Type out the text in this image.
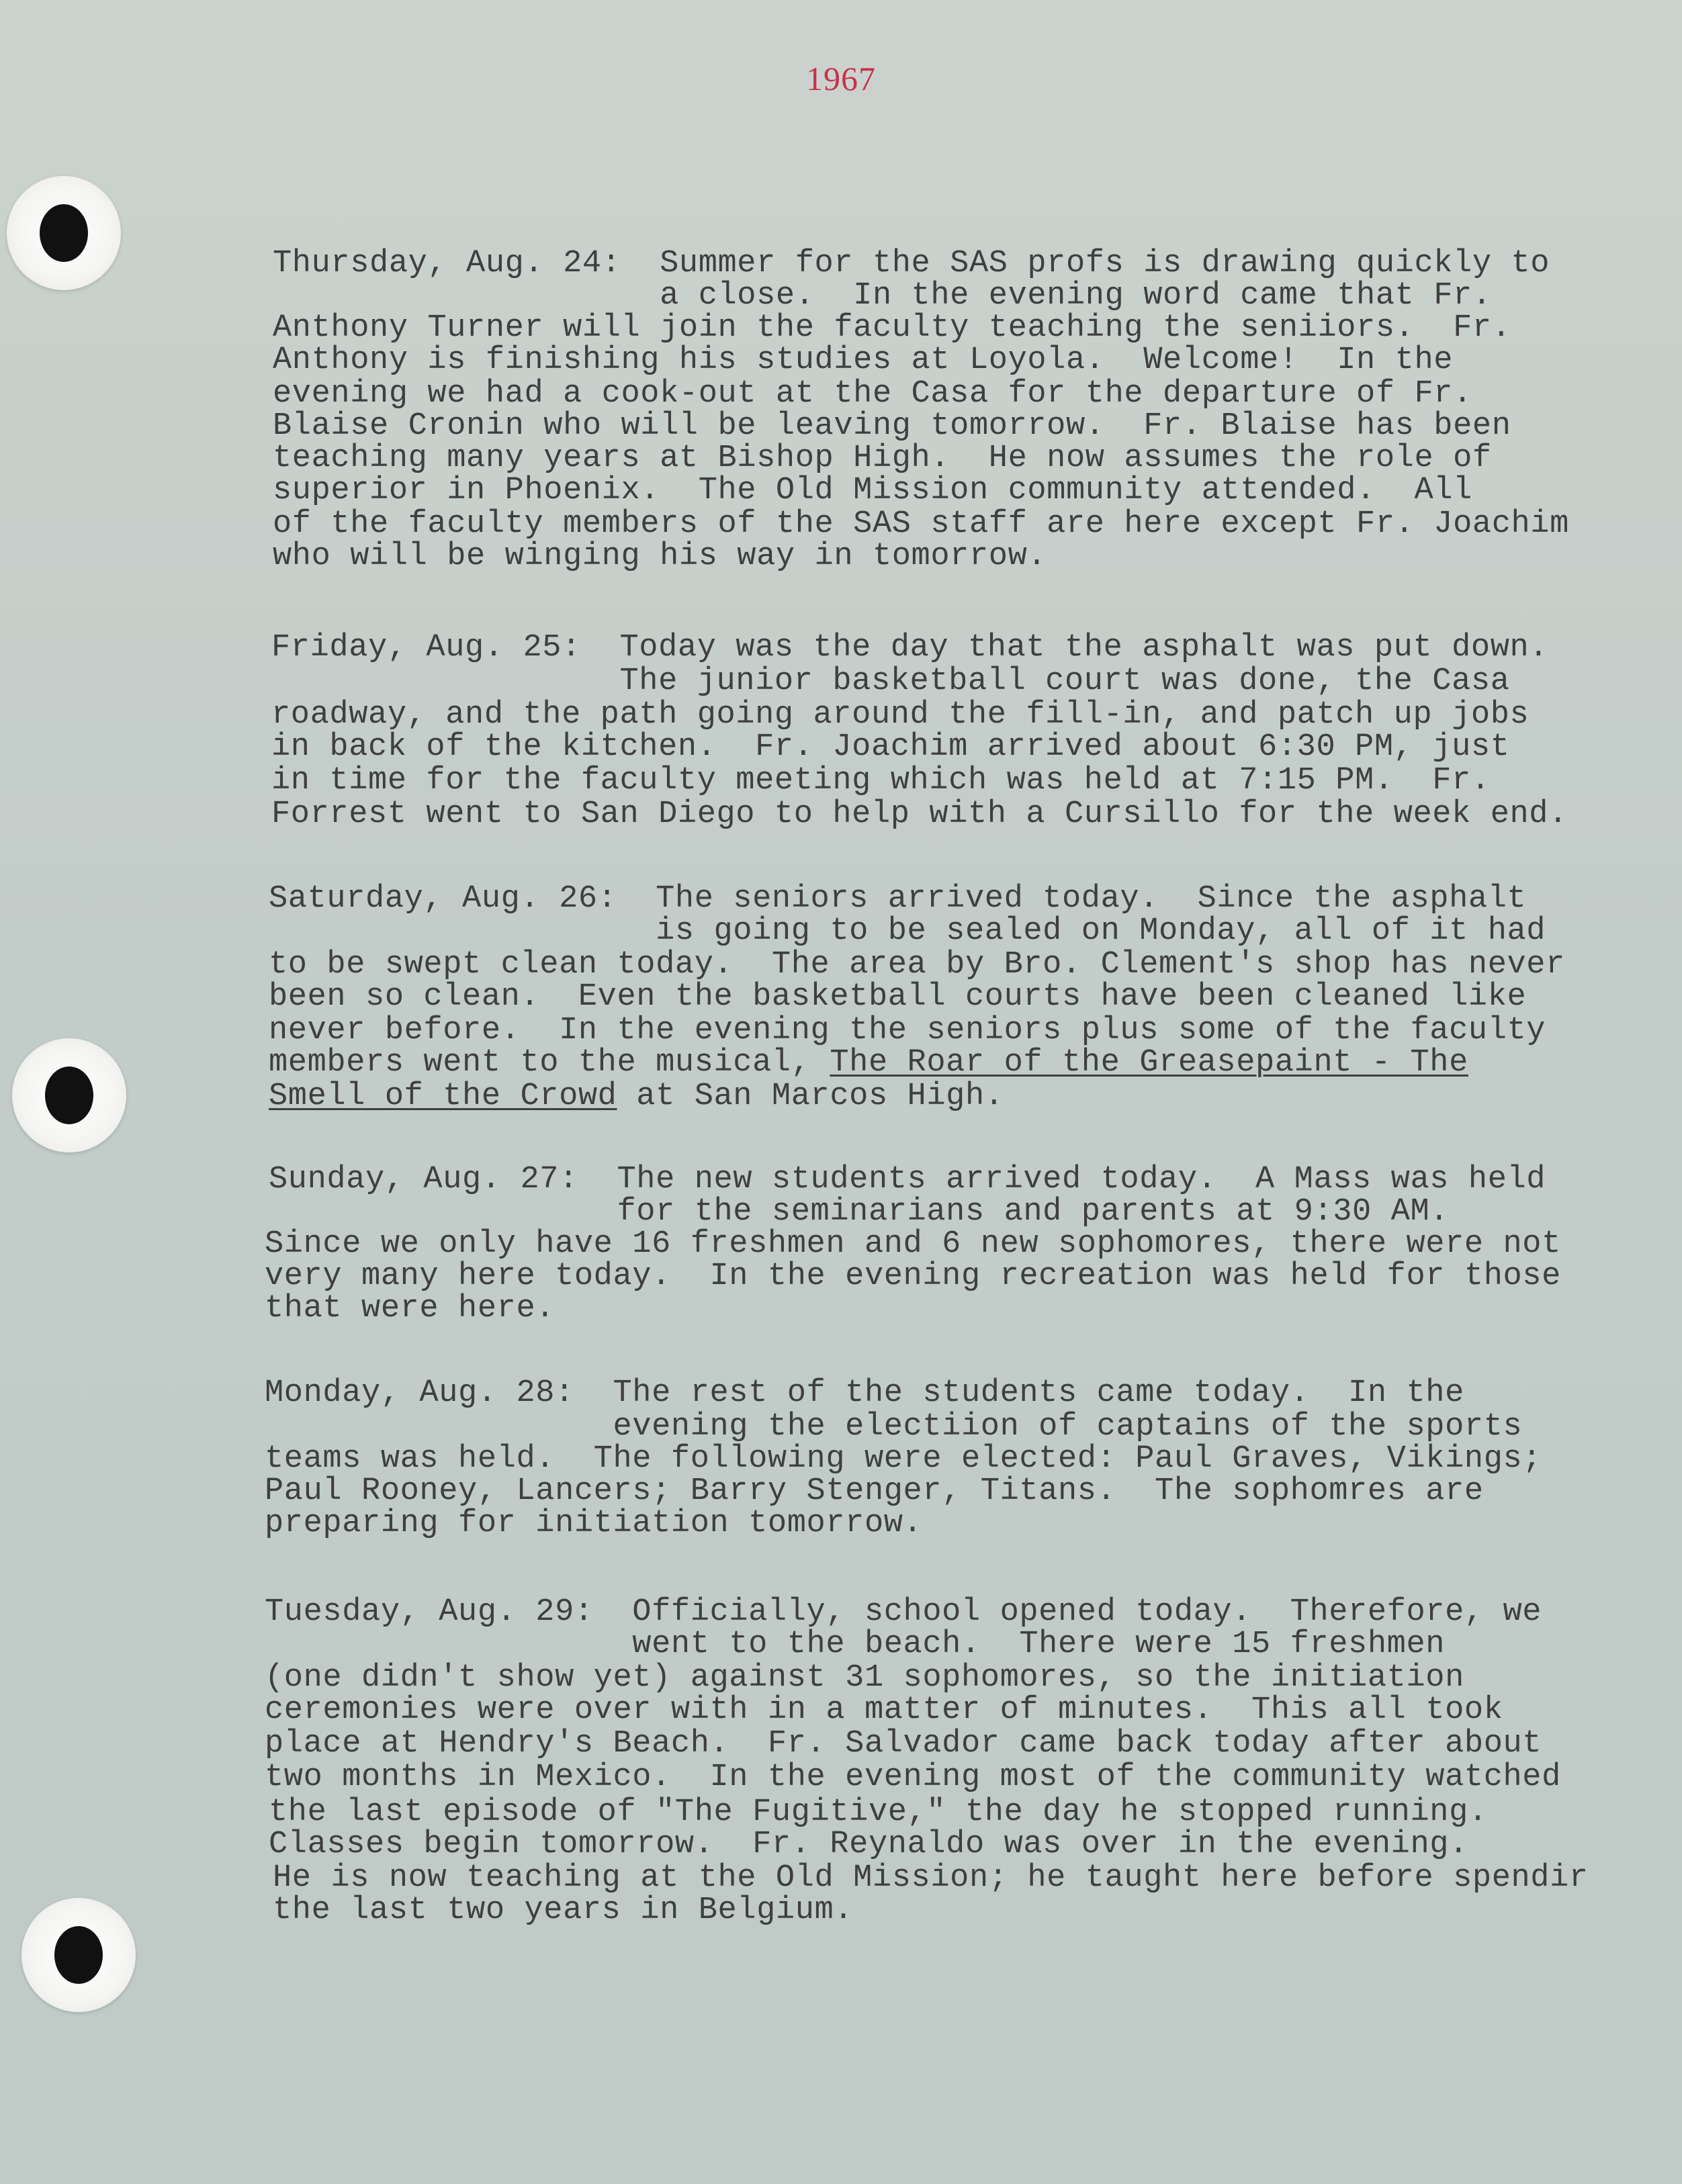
1967
Thursday, Aug. 24:  Summer for the SAS profs is drawing quickly to
a close.  In the evening word came that Fr.
Anthony Turner will join the faculty teaching the seniiors.  Fr.
Anthony is finishing his studies at Loyola.  Welcome!  In the
evening we had a cook-out at the Casa for the departure of Fr.
Blaise Cronin who will be leaving tomorrow.  Fr. Blaise has been
teaching many years at Bishop High.  He now assumes the role of
superior in Phoenix.  The Old Mission community attended.  All
of the faculty members of the SAS staff are here except Fr. Joachim
who will be winging his way in tomorrow.
Friday, Aug. 25:  Today was the day that the asphalt was put down.
The junior basketball court was done, the Casa
roadway, and the path going around the fill-in, and patch up jobs
in back of the kitchen.  Fr. Joachim arrived about 6:30 PM, just
in time for the faculty meeting which was held at 7:15 PM.  Fr.
Forrest went to San Diego to help with a Cursillo for the week end.
Saturday, Aug. 26:  The seniors arrived today.  Since the asphalt
is going to be sealed on Monday, all of it had
to be swept clean today.  The area by Bro. Clement's shop has never
been so clean.  Even the basketball courts have been cleaned like
never before.  In the evening the seniors plus some of the faculty
members went to the musical, The Roar of the Greasepaint - The
Smell of the Crowd at San Marcos High.
Sunday, Aug. 27:  The new students arrived today.  A Mass was held
for the seminarians and parents at 9:30 AM.
Since we only have 16 freshmen and 6 new sophomores, there were not
very many here today.  In the evening recreation was held for those
that were here.
Monday, Aug. 28:  The rest of the students came today.  In the
evening the electiion of captains of the sports
teams was held.  The following were elected: Paul Graves, Vikings;
Paul Rooney, Lancers; Barry Stenger, Titans.  The sophomres are
preparing for initiation tomorrow.
Tuesday, Aug. 29:  Officially, school opened today.  Therefore, we
went to the beach.  There were 15 freshmen
(one didn't show yet) against 31 sophomores, so the initiation
ceremonies were over with in a matter of minutes.  This all took
place at Hendry's Beach.  Fr. Salvador came back today after about
two months in Mexico.  In the evening most of the community watched
the last episode of "The Fugitive," the day he stopped running.
Classes begin tomorrow.  Fr. Reynaldo was over in the evening.
He is now teaching at the Old Mission; he taught here before spendir
the last two years in Belgium.
